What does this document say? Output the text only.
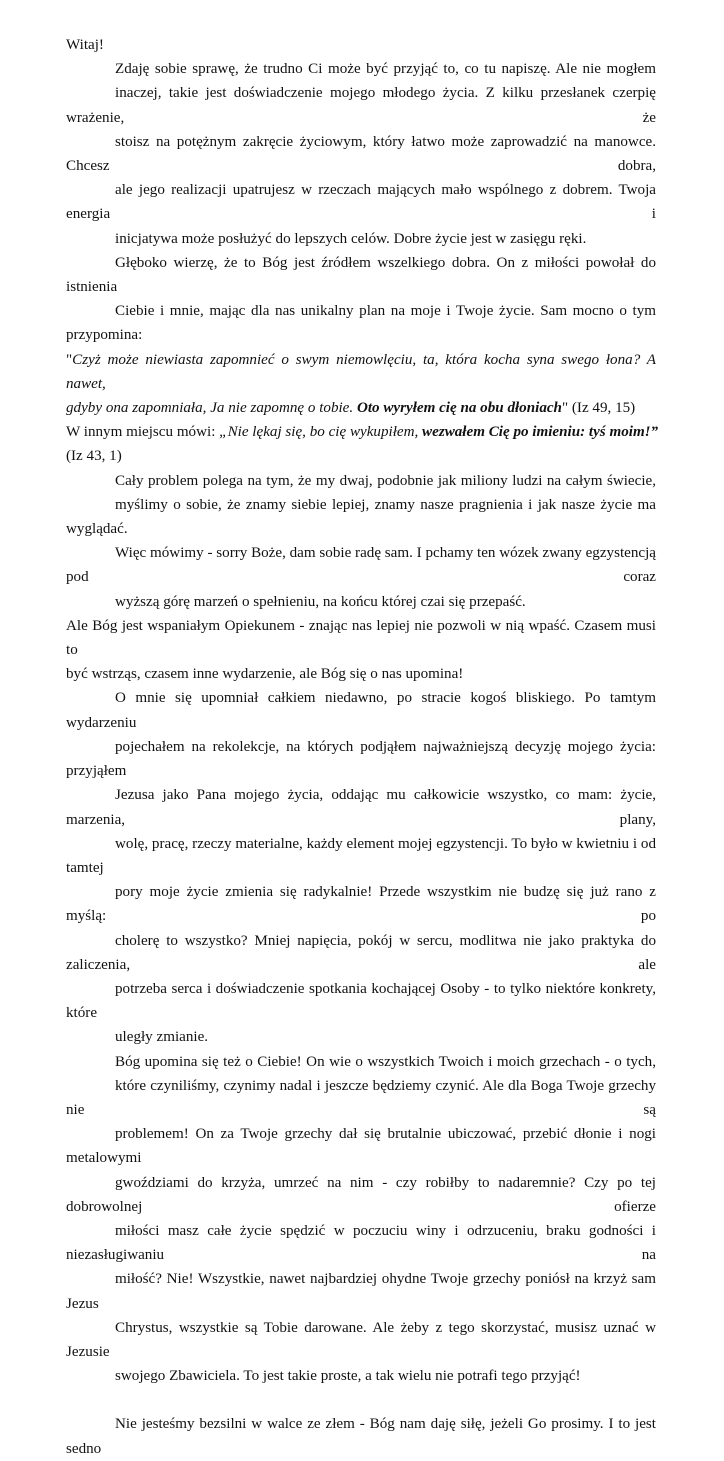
Witaj!

Zdaję sobie sprawę, że trudno Ci może być przyjąć to, co tu napiszę. Ale nie mogłem
inaczej, takie jest doświadczenie mojego młodego życia. Z kilku przesłanek czerpię wrażenie, że
stoisz na potężnym zakręcie życiowym, który łatwo może zaprowadzić na manowce. Chcesz dobra,
ale jego realizacji upatrujesz w rzeczach mających mało wspólnego z dobrem. Twoja energia i
inicjatywa może posłużyć do lepszych celów. Dobre życie jest w zasięgu ręki.

Głęboko wierzę, że to Bóg jest źródłem wszelkiego dobra. On z miłości powołał do istnienia
Ciebie i mnie, mając dla nas unikalny plan na moje i Twoje życie. Sam mocno o tym przypomina:

"Czyż może niewiasta zapomnieć o swym niemowlęciu, ta, która kocha syna swego łona? A nawet,
gdyby ona zapomniała, Ja nie zapomnę o tobie. Oto wyryłem cię na obu dłoniach" (Iz 49, 15)

W innym miejscu mówi: „Nie lękaj się, bo cię wykupiłem, wezwałem Cię po imieniu: tyś moim!”
(Iz 43, 1)

Cały problem polega na tym, że my dwaj, podobnie jak miliony ludzi na całym świecie,
myślimy o sobie, że znamy siebie lepiej, znamy nasze pragnienia i jak nasze życie ma wyglądać.
Więc mówimy - sorry Boże, dam sobie radę sam. I pchamy ten wózek zwany egzystencją pod coraz
wyższą górę marzeń o spełnieniu, na końcu której czai się przepaść.

Ale Bóg jest wspaniałym Opiekunem - znając nas lepiej nie pozwoli w nią wpaść. Czasem musi to
być wstrząs, czasem inne wydarzenie, ale Bóg się o nas upomina!

O mnie się upomniał całkiem niedawno, po stracie kogoś bliskiego. Po tamtym wydarzeniu
pojechałem na rekolekcje, na których podjąłem najważniejszą decyzję mojego życia: przyjąłem
Jezusa jako Pana mojego życia, oddając mu całkowicie wszystko, co mam: życie, marzenia, plany,
wolę, pracę, rzeczy materialne, każdy element mojej egzystencji. To było w kwietniu i od tamtej
pory moje życie zmienia się radykalnie! Przede wszystkim nie budzę się już rano z myślą: po
cholerę to wszystko? Mniej napięcia, pokój w sercu, modlitwa nie jako praktyka do zaliczenia, ale
potrzeba serca i doświadczenie spotkania kochającej Osoby - to tylko niektóre konkrety, które
uległy zmianie.

Bóg upomina się też o Ciebie! On wie o wszystkich Twoich i moich grzechach - o tych,
które czyniliśmy, czynimy nadal i jeszcze będziemy czynić. Ale dla Boga Twoje grzechy nie są
problemem! On za Twoje grzechy dał się brutalnie ubiczować, przebić dłonie i nogi metalowymi
gwoździami do krzyża, umrzeć na nim - czy robiłby to nadaremnie? Czy po tej dobrowolnej ofierze
miłości masz całe życie spędzić w poczuciu winy i odrzuceniu, braku godności i niezasługiwaniu na
miłość? Nie! Wszystkie, nawet najbardziej ohydne Twoje grzechy poniósł na krzyż sam Jezus
Chrystus, wszystkie są Tobie darowane. Ale żeby z tego skorzystać, musisz uznać w Jezusie
swojego Zbawiciela. To jest takie proste, a tak wielu nie potrafi tego przyjąć!

Nie jesteśmy bezsilni w walce ze złem - Bóg nam daję siłę, jeżeli Go prosimy. I to jest sedno
